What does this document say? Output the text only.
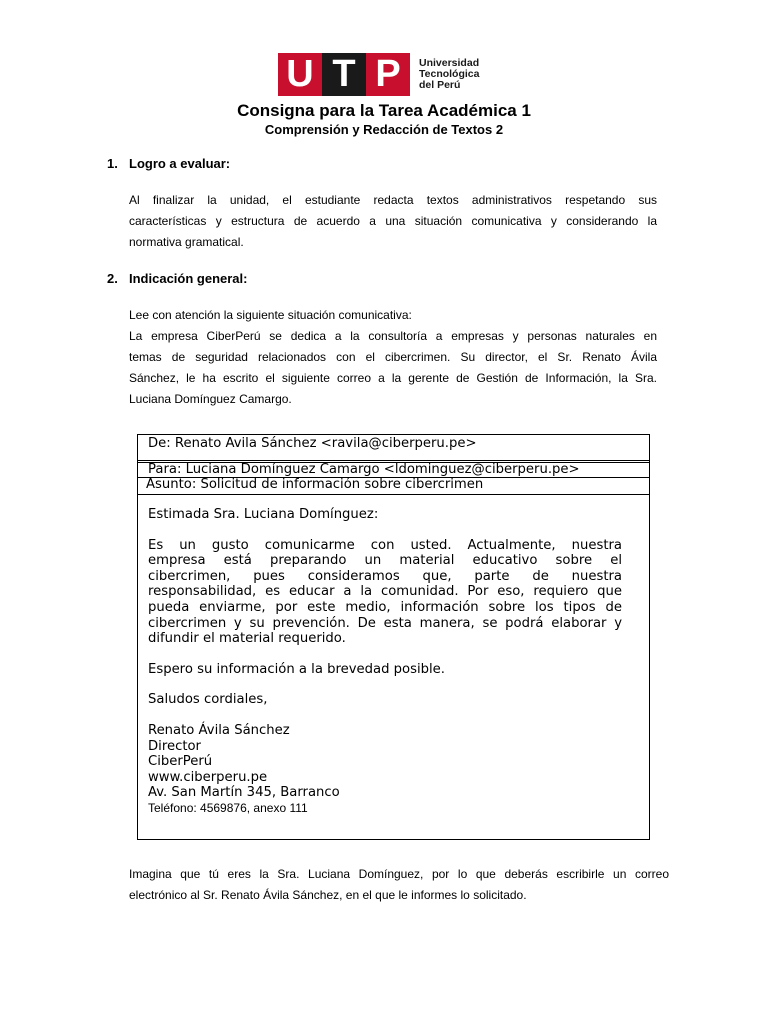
U T P	Universidad
Tecnológica
del Perú
Consigna para la Tarea Académica 1
Comprensión y Redacción de Textos 2
1. Logro a evaluar:
Al finalizar la unidad, el estudiante redacta textos administrativos respetando sus
características y estructura de acuerdo a una situación comunicativa y considerando la
normativa gramatical.
2. Indicación general:
Lee con atención la siguiente situación comunicativa:
La empresa CiberPerú se dedica a la consultoría a empresas y personas naturales en
temas de seguridad relacionados con el cibercrimen. Su director, el Sr. Renato Ávila
Sánchez, le ha escrito el siguiente correo a la gerente de Gestión de Información, la Sra.
Luciana Domínguez Camargo.
De: Renato Avila Sánchez <ravila@ciberperu.pe>
Para: Luciana Domínguez Camargo <ldominguez@ciberperu.pe>
Asunto: Solicitud de información sobre cibercrimen

Estimada Sra. Luciana Domínguez:

Es un gusto comunicarme con usted. Actualmente, nuestra
empresa está preparando un material educativo sobre el
cibercrimen, pues consideramos que, parte de nuestra
responsabilidad, es educar a la comunidad. Por eso, requiero que
pueda enviarme, por este medio, información sobre los tipos de
cibercrimen y su prevención. De esta manera, se podrá elaborar y
difundir el material requerido.

Espero su información a la brevedad posible.

Saludos cordiales,

Renato Ávila Sánchez

Director

CiberPerú

www.ciberperu.pe

Av. San Martín 345, Barranco

Teléfono: 4569876, anexo 111

Imagina que tú eres la Sra. Luciana Domínguez, por lo que deberás escribirle un correo
electrónico al Sr. Renato Ávila Sánchez, en el que le informes lo solicitado.
